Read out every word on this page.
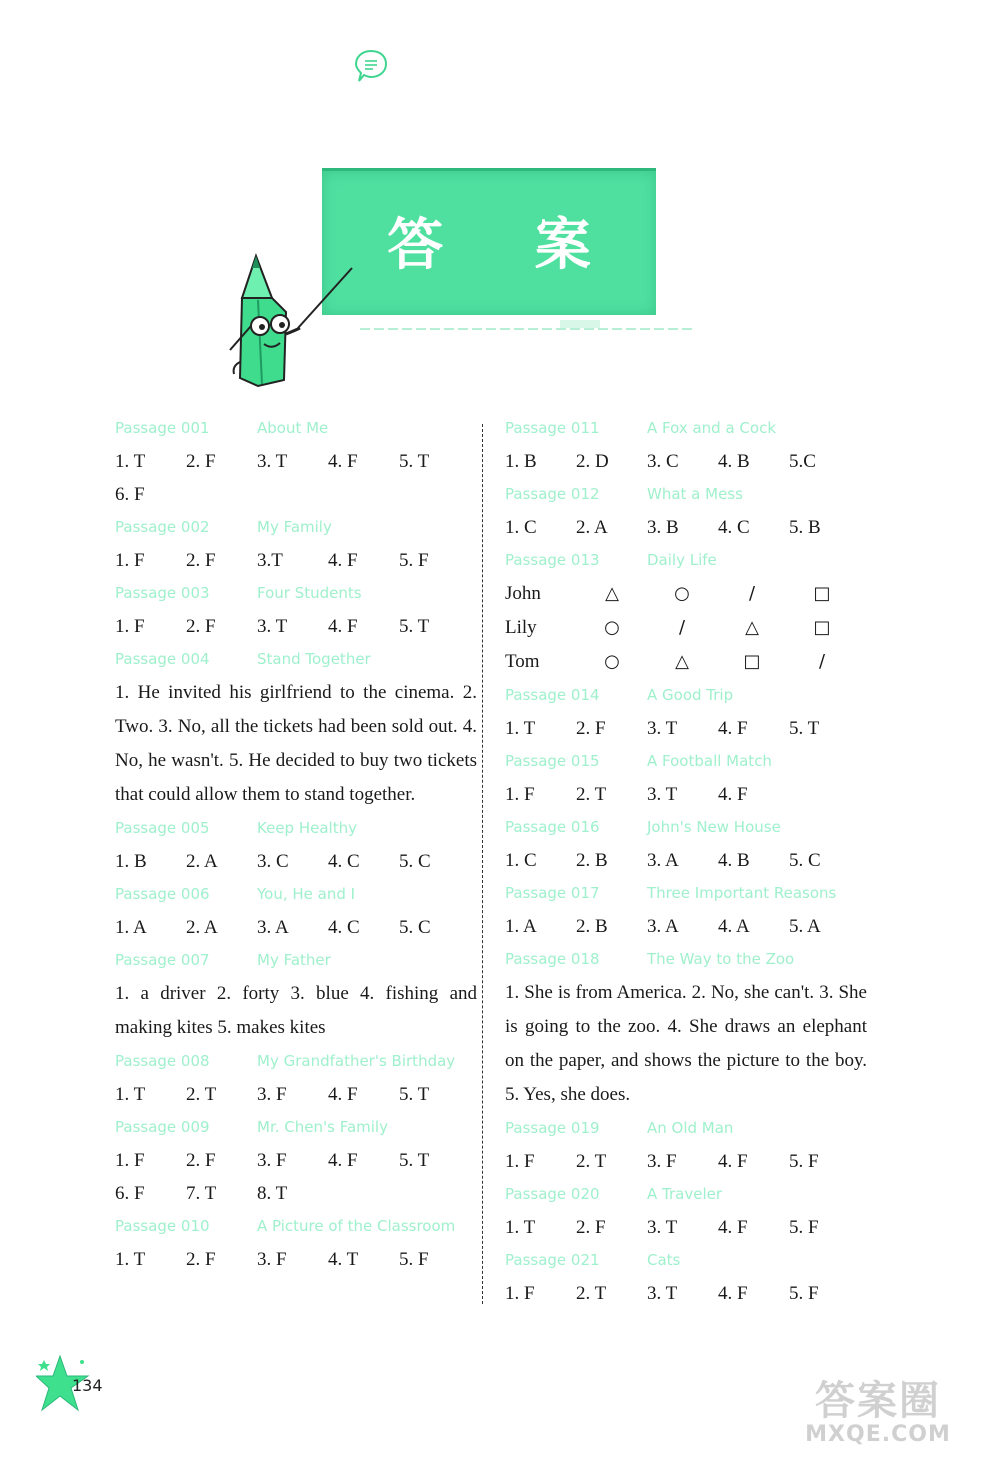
答 案
Passage 001	About Me
1. T 2. F 3. T 4. F 5. T
6. F
Passage 002	My Family
1. F 2. F 3.T 4. F 5. F
Passage 003	Four Students
1. F 2. F 3. T 4. F 5. T
Passage 004	Stand Together

1. He invited his girlfriend to the cinema. 2. Two. 3. No, all the tickets had been sold out. 4. No, he wasn't. 5. He decided to buy two tickets that could allow them to stand together.

Passage 005	Keep Healthy
1. B 2. A 3. C 4. C 5. C
Passage 006	You, He and I
1. A 2. A 3. A 4. C 5. C
Passage 007	My Father

1. a driver 2. forty 3. blue 4. fishing and making kites 5. makes kites

Passage 008	My Grandfather's Birthday
1. T 2. T 3. F 4. F 5. T
Passage 009	Mr. Chen's Family
1. F 2. F 3. F 4. F 5. T
6. F 7. T 8. T
Passage 010	A Picture of the Classroom
1. T 2. F 3. F 4. T 5. F
Passage 011	A Fox and a Cock
1. B 2. D 3. C 4. B 5.C
Passage 012	What a Mess
1. C 2. A 3. B 4. C 5. B
Passage 013	Daily Life
John	△	○	/	□
Lily	○	/	△	□
Tom	○	△	□	/
Passage 014	A Good Trip
1. T 2. F 3. T 4. F 5. T
Passage 015	A Football Match
1. F 2. T 3. T 4. F
Passage 016	John's New House
1. C 2. B 3. A 4. B 5. C
Passage 017	Three Important Reasons
1. A 2. B 3. A 4. A 5. A
Passage 018	The Way to the Zoo

1. She is from America. 2. No, she can't. 3. She is going to the zoo. 4. She draws an elephant on the paper, and shows the picture to the boy. 5. Yes, she does.

Passage 019	An Old Man
1. F 2. T 3. F 4. F 5. F
Passage 020	A Traveler
1. T 2. F 3. T 4. F 5. F
Passage 021	Cats
1. F 2. T 3. T 4. F 5. F
134	答案圈
MXQE.COM
